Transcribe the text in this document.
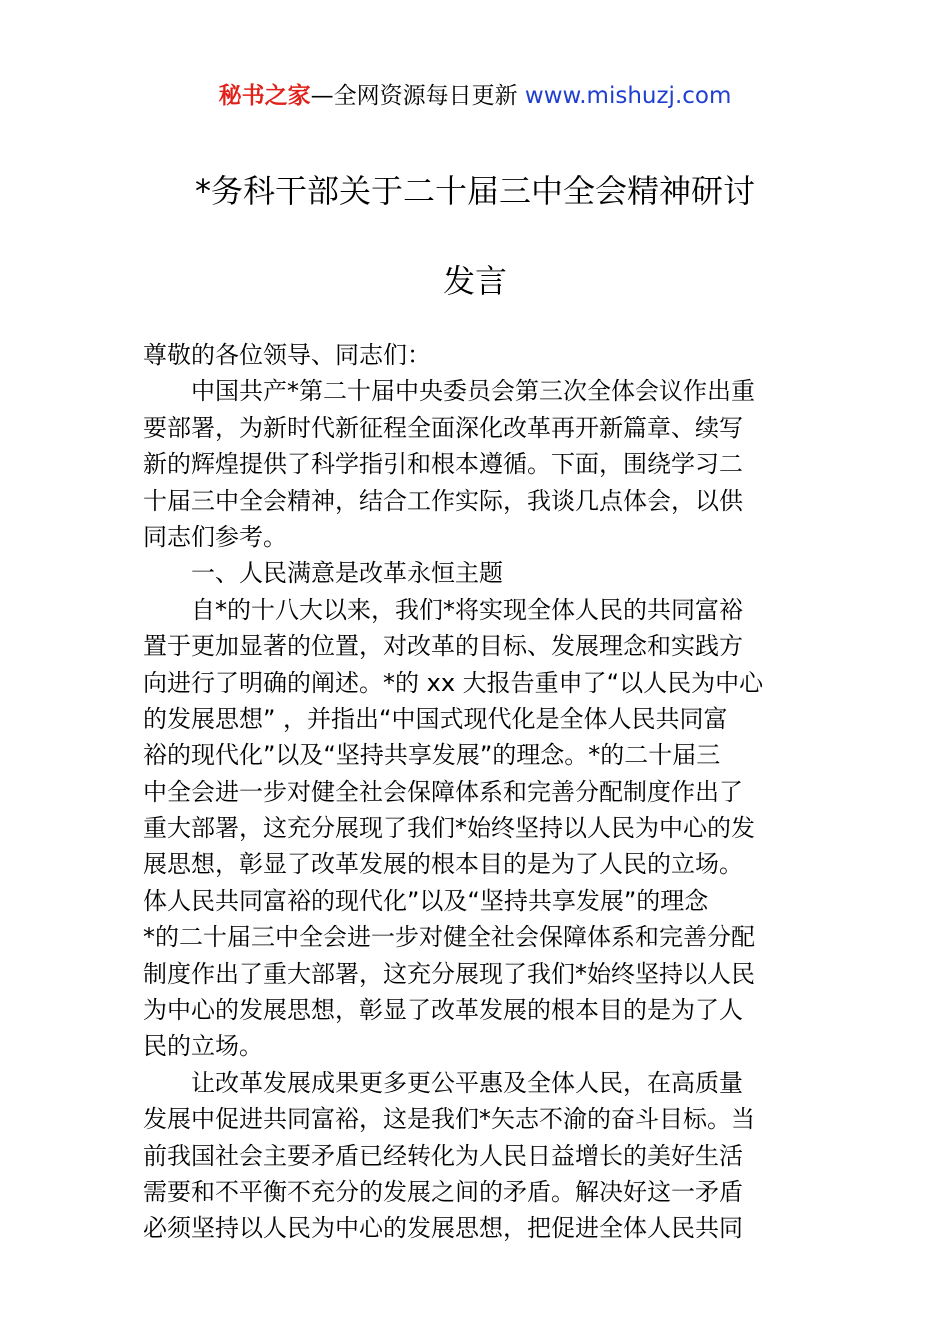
秘书之家—全网资源每日更新 www.mishuzj.com
*务科干部关于二十届三中全会精神研讨
发言
尊敬的各位领导、同志们：
中国共产*第二十届中央委员会第三次全体会议作出重
要部署，为新时代新征程全面深化改革再开新篇章、续写
新的辉煌提供了科学指引和根本遵循。下面，围绕学习二
十届三中全会精神，结合工作实际，我谈几点体会，以供
同志们参考。
一、人民满意是改革永恒主题
自*的十八大以来，我们*将实现全体人民的共同富裕
置于更加显著的位置，对改革的目标、发展理念和实践方
向进行了明确的阐述。*的 xx 大报告重申了“以人民为中心
的发展思想” ，并指出“中国式现代化是全体人民共同富
裕的现代化”以及“坚持共享发展”的理念。*的二十届三
中全会进一步对健全社会保障体系和完善分配制度作出了
重大部署，这充分展现了我们*始终坚持以人民为中心的发
展思想，彰显了改革发展的根本目的是为了人民的立场。
体人民共同富裕的现代化”以及“坚持共享发展”的理念
*的二十届三中全会进一步对健全社会保障体系和完善分配
制度作出了重大部署，这充分展现了我们*始终坚持以人民
为中心的发展思想，彰显了改革发展的根本目的是为了人
民的立场。
让改革发展成果更多更公平惠及全体人民，在高质量
发展中促进共同富裕，这是我们*矢志不渝的奋斗目标。当
前我国社会主要矛盾已经转化为人民日益增长的美好生活
需要和不平衡不充分的发展之间的矛盾。解决好这一矛盾
必须坚持以人民为中心的发展思想，把促进全体人民共同
